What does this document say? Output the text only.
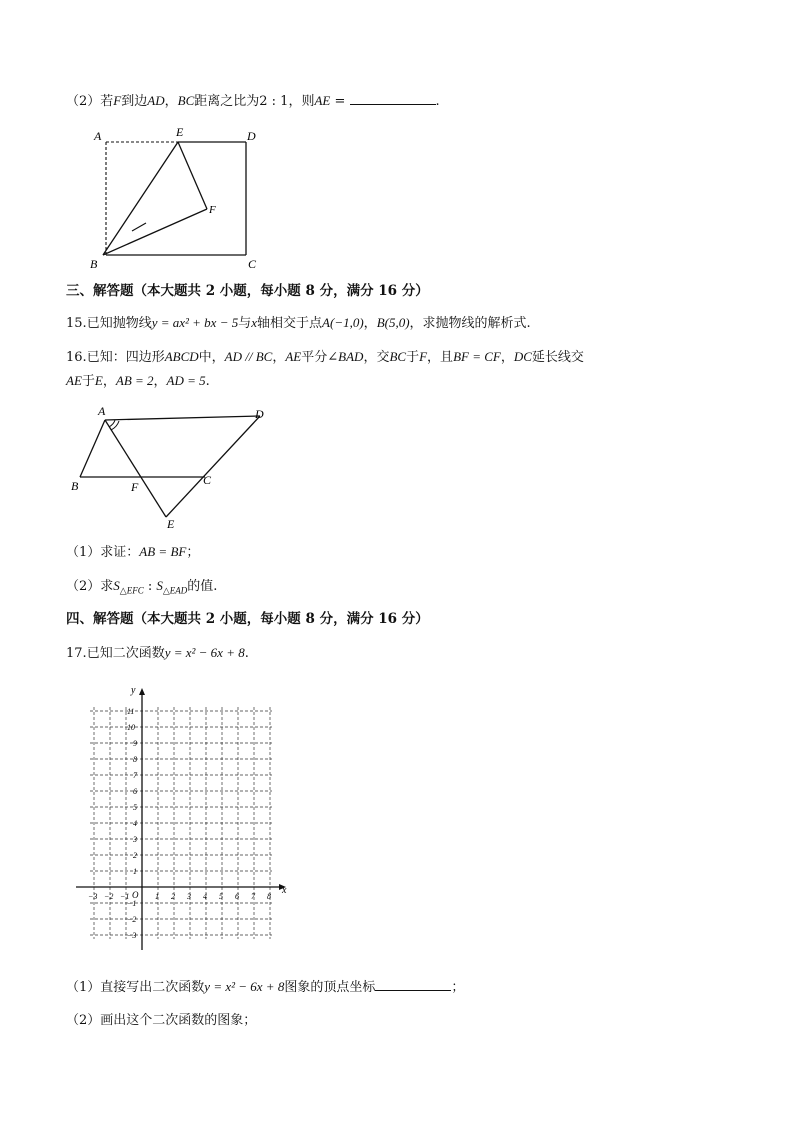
（2）若F到边AD，BC距离之比为2 : 1，则AE =	.
A	E	D
F
B	C
三、解答题（本大题共 2 小题，每小题 8 分，满分 16 分）
15.已知抛物线y = ax² + bx − 5与x轴相交于点A(−1,0)，B(5,0)，求抛物线的解析式.
16.已知：四边形ABCD中，AD // BC，AE平分∠BAD，交BC于F，且BF = CF，DC延长线交
AE于E，AB = 2，AD = 5.
A	D
B	F	C
E
（1）求证：AB = BF；
（2）求$S_{\triangle EFC}$ : $S_{\triangle EAD}$的值.
四、解答题（本大题共 2 小题，每小题 8 分，满分 16 分）
17.已知二次函数y = x² − 6x + 8.
x
y
O
−3 −2 −1	1 2 3 4 5 6 7 8
11
10
9
8
7
6
5
4
3
2
1
−1
−2
−3
（1）直接写出二次函数y = x² − 6x + 8图象的顶点坐标	；
（2）画出这个二次函数的图象；
